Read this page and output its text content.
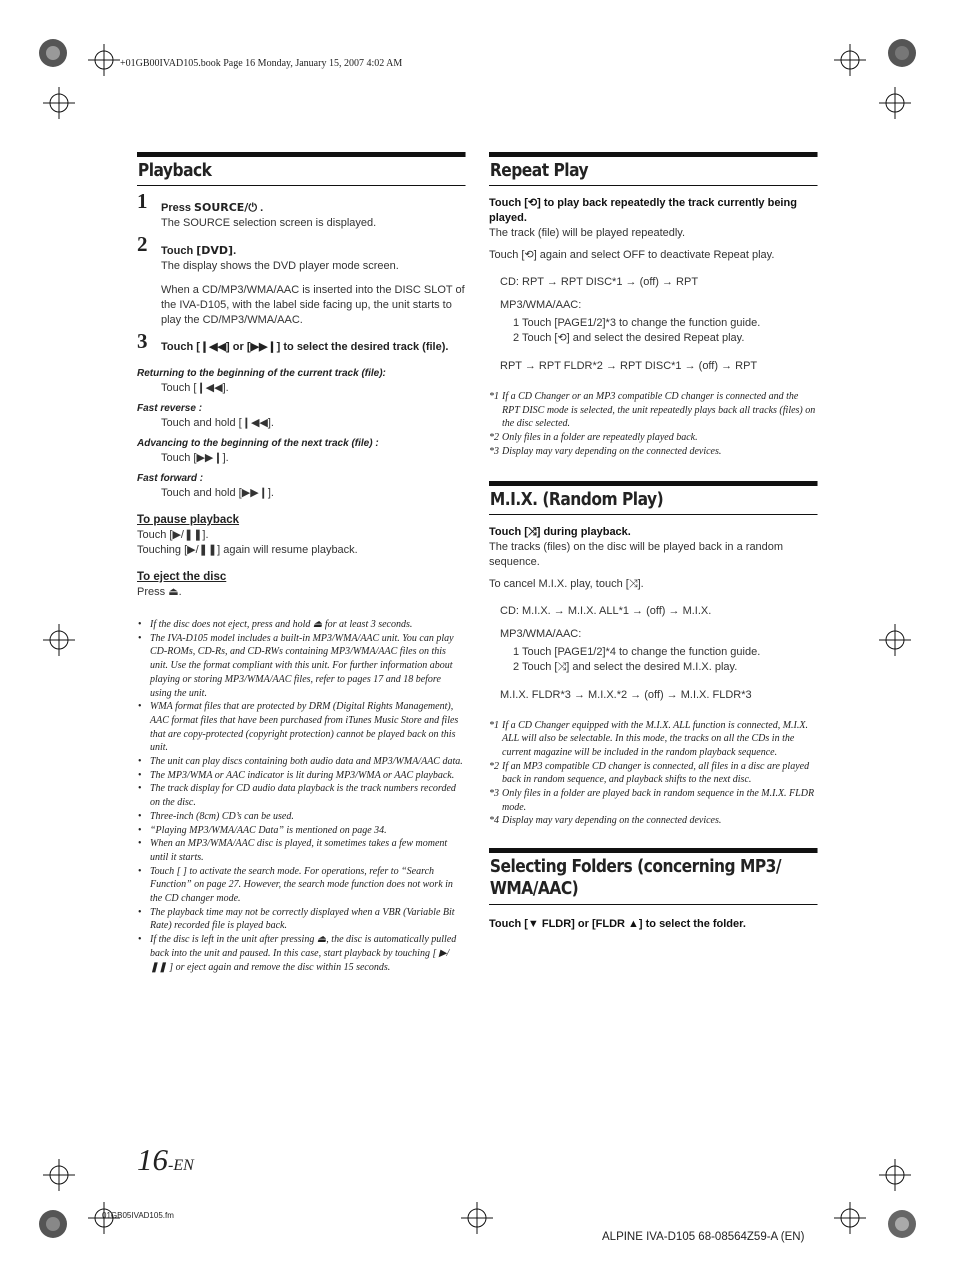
+01GB00IVAD105.book Page 16 Monday, January 15, 2007 4:02 AM
Playback
1 Press SOURCE/⏻ .
The SOURCE selection screen is displayed.
2 Touch [DVD].
The display shows the DVD player mode screen.
When a CD/MP3/WMA/AAC is inserted into the DISC SLOT of the IVA-D105, with the label side facing up, the unit starts to play the CD/MP3/WMA/AAC.
3 Touch [❙◀◀] or [▶▶❙] to select the desired track (file).
Returning to the beginning of the current track (file):
Touch [❙◀◀].
Fast reverse :
Touch and hold [❙◀◀].
Advancing to the beginning of the next track (file) :
Touch [▶▶❙].
Fast forward :
Touch and hold [▶▶❙].
To pause playback
Touch [▶/❚❚].
Touching [▶/❚❚] again will resume playback.
To eject the disc
Press ⏏.
• If the disc does not eject, press and hold ⏏ for at least 3 seconds.
• The IVA-D105 model includes a built-in MP3/WMA/AAC unit. You can play CD-ROMs, CD-Rs, and CD-RWs containing MP3/WMA/AAC files on this unit. Use the format compliant with this unit. For further information about playing or storing MP3/WMA/AAC files, refer to pages 17 and 18 before using the unit.
• WMA format files that are protected by DRM (Digital Rights Management), AAC format files that have been purchased from iTunes Music Store and files that are copy-protected (copyright protection) cannot be played back on this unit.
• The unit can play discs containing both audio data and MP3/WMA/AAC data.
• The MP3/WMA or AAC indicator is lit during MP3/WMA or AAC playback.
• The track display for CD audio data playback is the track numbers recorded on the disc.
• Three-inch (8cm) CD’s can be used.
• “Playing MP3/WMA/AAC Data” is mentioned on page 34.
• When an MP3/WMA/AAC disc is played, it sometimes takes a few moment until it starts.
• Touch [ ] to activate the search mode. For operations, refer to “Search Function” on page 27. However, the search mode function does not work in the CD changer mode.
• The playback time may not be correctly displayed when a VBR (Variable Bit Rate) recorded file is played back.
• If the disc is left in the unit after pressing ⏏, the disc is automatically pulled back into the unit and paused. In this case, start playback by touching [ ▶/❚❚ ] or eject again and remove the disc within 15 seconds.
Repeat Play
Touch [⟲] to play back repeatedly the track currently being played.
The track (file) will be played repeatedly.
Touch [⟲] again and select OFF to deactivate Repeat play.
CD: RPT → RPT DISC*1 → (off) → RPT
MP3/WMA/AAC:
1 Touch [PAGE1/2]*3 to change the function guide.
2 Touch [⟲] and select the desired Repeat play.
RPT → RPT FLDR*2 → RPT DISC*1 → (off) → RPT
*1 If a CD Changer or an MP3 compatible CD changer is connected and the RPT DISC mode is selected, the unit repeatedly plays back all tracks (files) on the disc selected.
*2 Only files in a folder are repeatedly played back.
*3 Display may vary depending on the connected devices.
M.I.X. (Random Play)
Touch [⤨] during playback.
The tracks (files) on the disc will be played back in a random sequence.
To cancel M.I.X. play, touch [⤨].
CD: M.I.X. → M.I.X. ALL*1 → (off) → M.I.X.
MP3/WMA/AAC:
1 Touch [PAGE1/2]*4 to change the function guide.
2 Touch [⤨] and select the desired M.I.X. play.
M.I.X. FLDR*3 → M.I.X.*2 → (off) → M.I.X. FLDR*3
*1 If a CD Changer equipped with the M.I.X. ALL function is connected, M.I.X. ALL will also be selectable. In this mode, the tracks on all the CDs in the current magazine will be included in the random playback sequence.
*2 If an MP3 compatible CD changer is connected, all files in a disc are played back in random sequence, and playback shifts to the next disc.
*3 Only files in a folder are played back in random sequence in the M.I.X. FLDR mode.
*4 Display may vary depending on the connected devices.
Selecting Folders (concerning MP3/ WMA/AAC)
Touch [▼ FLDR] or [FLDR ▲] to select the folder.
16-EN
01GB05IVAD105.fm
ALPINE IVA-D105 68-08564Z59-A (EN)
